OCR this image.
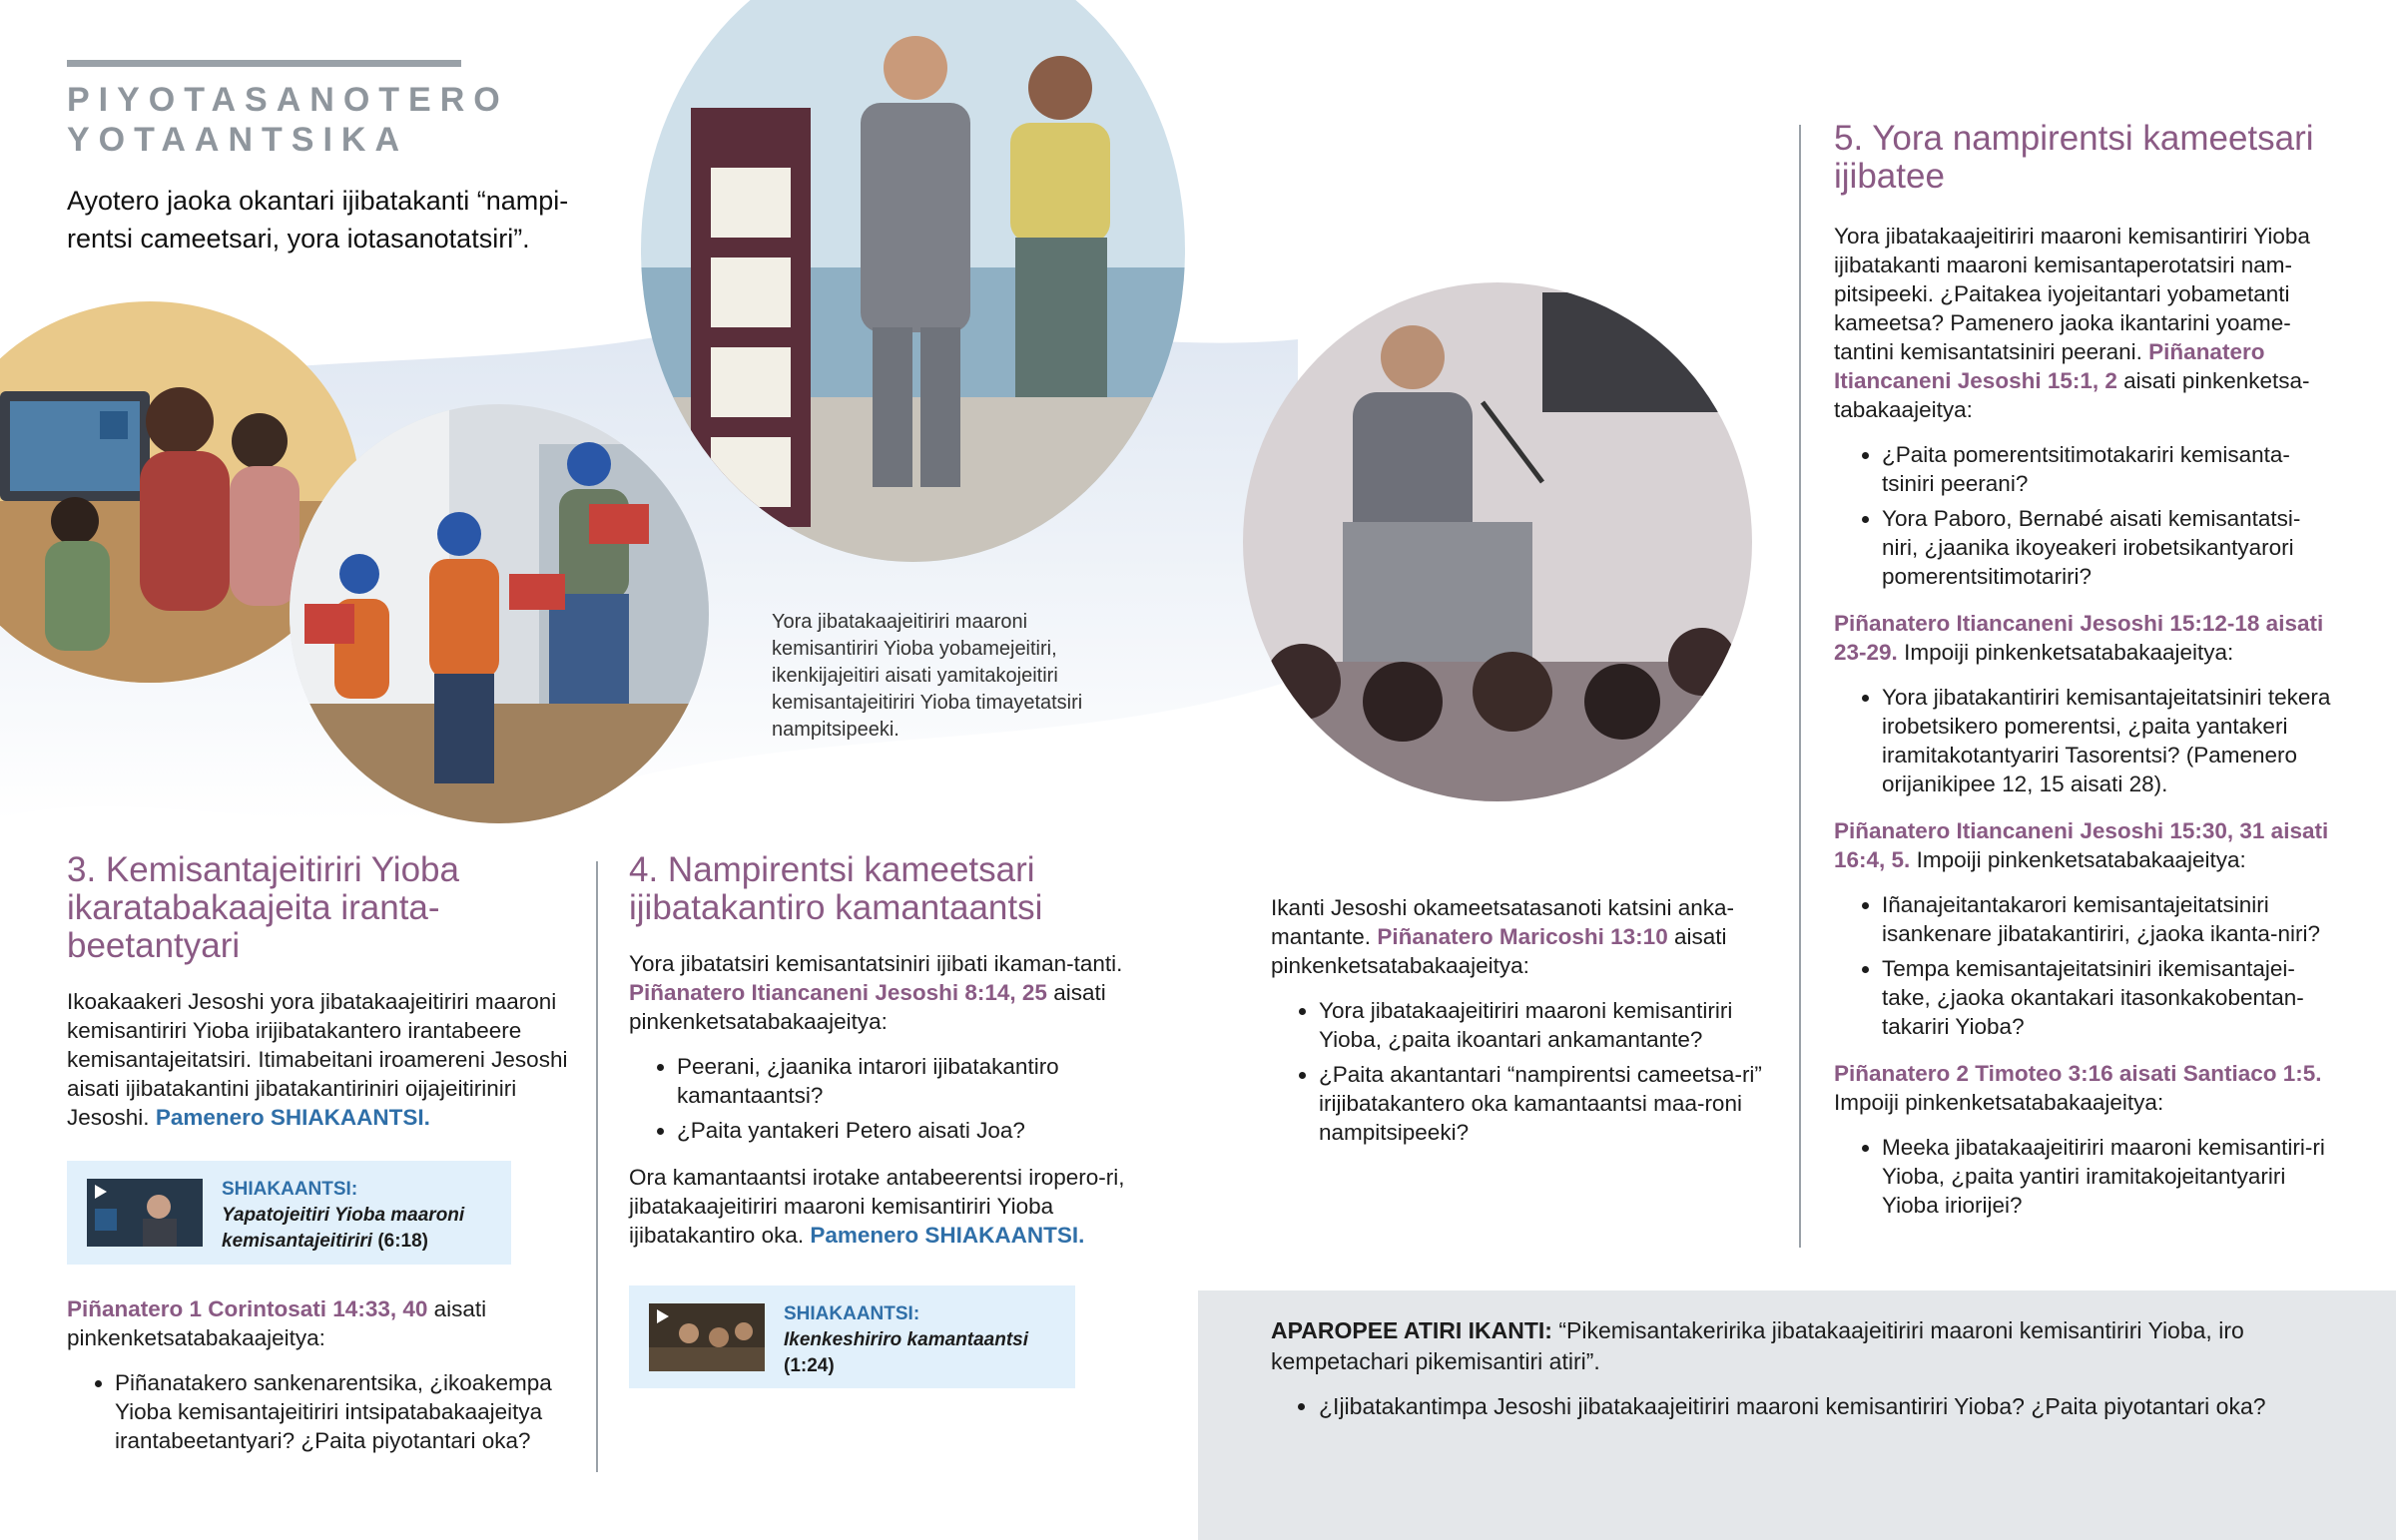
PIYOTASANOTERO
YOTAANTSIKA
Ayotero jaoka okantari ijibatakanti “nampi-rentsi cameetsari, yora iotasanotatsiri”.
Yora jibatakaajeitiriri maaroni kemisantiriri Yioba yobamejeitiri, ikenkijajeitiri aisati yamitakojeitiri kemisantajeitiriri Yioba timayetatsiri nampitsipeeki.
3. Kemisantajeitiriri Yioba ikaratabakaajeita iranta-beetantyari

Ikoakaakeri Jesoshi yora jibatakaajeitiriri maaroni kemisantiriri Yioba irijibatakantero irantabeere kemisantajeitatsiri. Itimabeitani iroamereni Jesoshi aisati ijibatakantini jibatakantiriniri oijajeitiriniri Jesoshi. Pamenero SHIAKAANTSI.

SHIAKAANTSI:
Yapatojeitiri Yioba maaroni kemisantajeitiriri (6:18)

Piñanatero 1 Corintosati 14:33, 40 aisati pinkenketsatabakaajeitya:

• Piñanatakero sankenarentsika, ¿ikoakempa Yioba kemisantajeitiriri intsipatabakaajeitya irantabeetantyari? ¿Paita piyotantari oka?
4. Nampirentsi kameetsari ijibatakantiro kamantaantsi

Yora jibatatsiri kemisantatsiniri ijibati ikaman-tanti. Piñanatero Itiancaneni Jesoshi 8:14, 25 aisati pinkenketsatabakaajeitya:

• Peerani, ¿jaanika intarori ijibatakantiro kamantaantsi?
• ¿Paita yantakeri Petero aisati Joa?

Ora kamantaantsi irotake antabeerentsi iropero-ri, jibatakaajeitiriri maaroni kemisantiriri Yioba ijibatakantiro oka. Pamenero SHIAKAANTSI.

SHIAKAANTSI:
Ikenkeshiriro kamantaantsi
(1:24)

Ikanti Jesoshi okameetsatasanoti katsini anka-mantante. Piñanatero Maricoshi 13:10 aisati pinkenketsatabakaajeitya:

• Yora jibatakaajeitiriri maaroni kemisantiriri Yioba, ¿paita ikoantari ankamantante?
• ¿Paita akantantari “nampirentsi cameetsa-ri” irijibatakantero oka kamantaantsi maa-roni nampitsipeeki?
5. Yora nampirentsi kameetsari ijibatee

Yora jibatakaajeitiriri maaroni kemisantiriri Yioba ijibatakanti maaroni kemisantaperotatsiri nam-pitsipeeki. ¿Paitakea iyojeitantari yobametanti kameetsa? Pamenero jaoka ikantarini yoame-tantini kemisantatsiniri peerani. Piñanatero Itiancaneni Jesoshi 15:1, 2 aisati pinkenketsa-tabakaajeitya:

• ¿Paita pomerentsitimotakariri kemisanta-tsiniri peerani?
• Yora Paboro, Bernabé aisati kemisantatsi-niri, ¿jaanika ikoyeakeri irobetsikantyarori pomerentsitimotariri?

Piñanatero Itiancaneni Jesoshi 15:12-18 aisati 23-29. Impoiji pinkenketsatabakaajeitya:

• Yora jibatakantiriri kemisantajeitatsiniri tekera irobetsikero pomerentsi, ¿paita yantakeri iramitakotantyariri Tasorentsi? (Pamenero orijanikipee 12, 15 aisati 28).

Piñanatero Itiancaneni Jesoshi 15:30, 31 aisati 16:4, 5. Impoiji pinkenketsatabakaajeitya:

• Iñanajeitantakarori kemisantajeitatsiniri isankenare jibatakantiriri, ¿jaoka ikanta-niri?
• Tempa kemisantajeitatsiniri ikemisantajei-take, ¿jaoka okantakari itasonkakobentan-takariri Yioba?

Piñanatero 2 Timoteo 3:16 aisati Santiaco 1:5. Impoiji pinkenketsatabakaajeitya:

• Meeka jibatakaajeitiriri maaroni kemisantiri-ri Yioba, ¿paita yantiri iramitakojeitantyariri Yioba iriorijei?
APAROPEE ATIRI IKANTI: “Pikemisantakeririka jibatakaajeitiriri maaroni kemisantiriri Yioba, iro kempetachari pikemisantiri atiri”.
• ¿Ijibatakantimpa Jesoshi jibatakaajeitiriri maaroni kemisantiriri Yioba? ¿Paita piyotantari oka?
